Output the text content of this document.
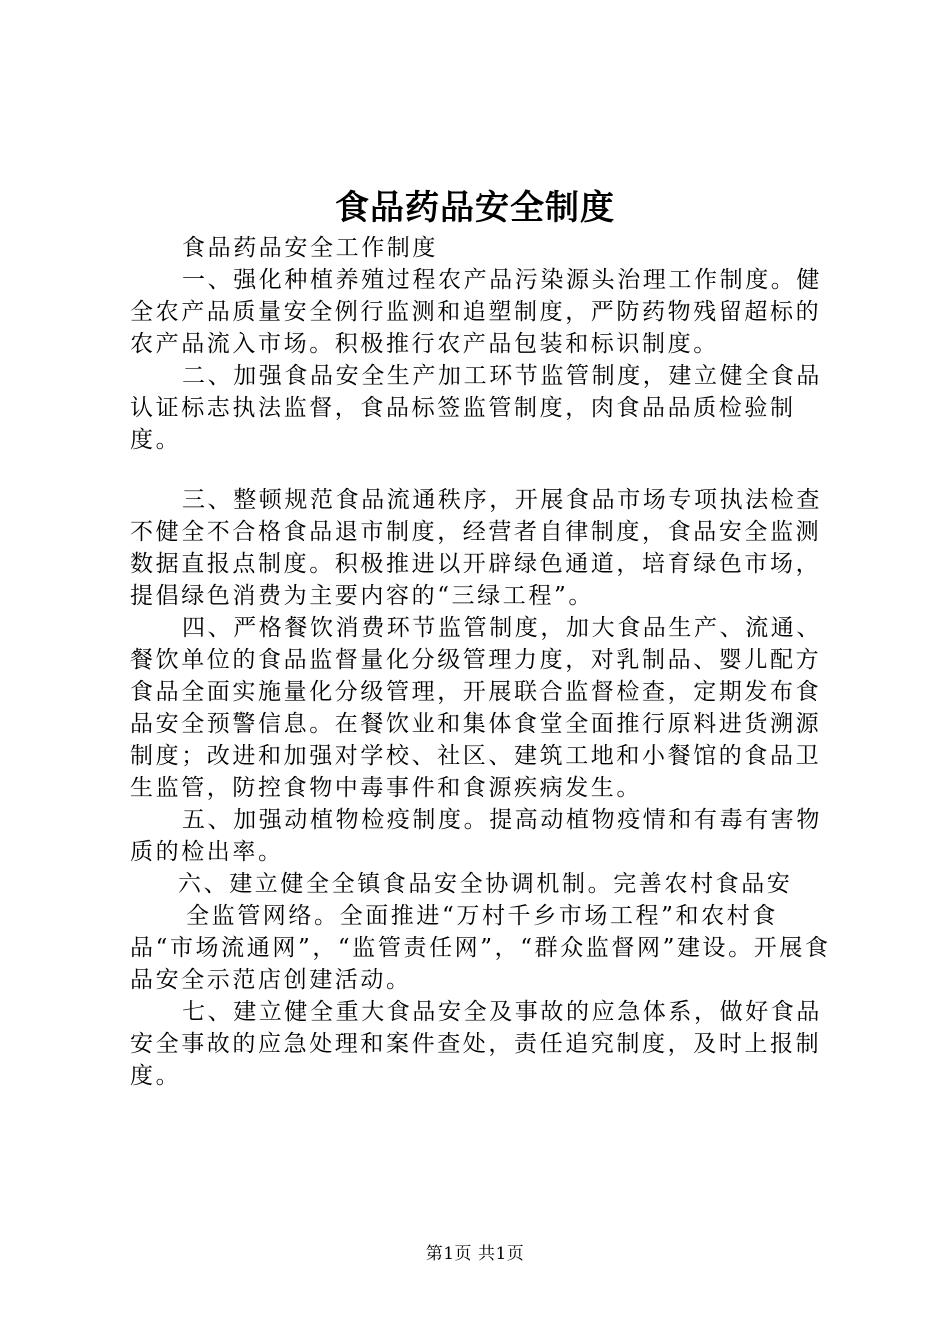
食品药品安全制度

食品药品安全工作制度

一、强化种植养殖过程农产品污染源头治理工作制度。健全农产品质量安全例行监测和追塑制度，严防药物残留超标的农产品流入市场。积极推行农产品包装和标识制度。

二、加强食品安全生产加工环节监管制度，建立健全食品认证标志执法监督，食品标签监管制度，肉食品品质检验制度。

三、整顿规范食品流通秩序，开展食品市场专项执法检查不健全不合格食品退市制度，经营者自律制度，食品安全监测数据直报点制度。积极推进以开辟绿色通道，培育绿色市场，提倡绿色消费为主要内容的“三绿工程”。

四、严格餐饮消费环节监管制度，加大食品生产、流通、餐饮单位的食品监督量化分级管理力度，对乳制品、婴儿配方食品全面实施量化分级管理，开展联合监督检查，定期发布食品安全预警信息。在餐饮业和集体食堂全面推行原料进货溯源制度；改进和加强对学校、社区、建筑工地和小餐馆的食品卫生监管，防控食物中毒事件和食源疾病发生。

五、加强动植物检疫制度。提高动植物疫情和有毒有害物质的检出率。

六、建立健全全镇食品安全协调机制。完善农村食品安

全监管网络。全面推进“万村千乡市场工程”和农村食品“市场流通网”，“监管责任网”，“群众监督网”建设。开展食品安全示范店创建活动。

七、建立健全重大食品安全及事故的应急体系，做好食品安全事故的应急处理和案件查处，责任追究制度，及时上报制度。

第1页 共1页
